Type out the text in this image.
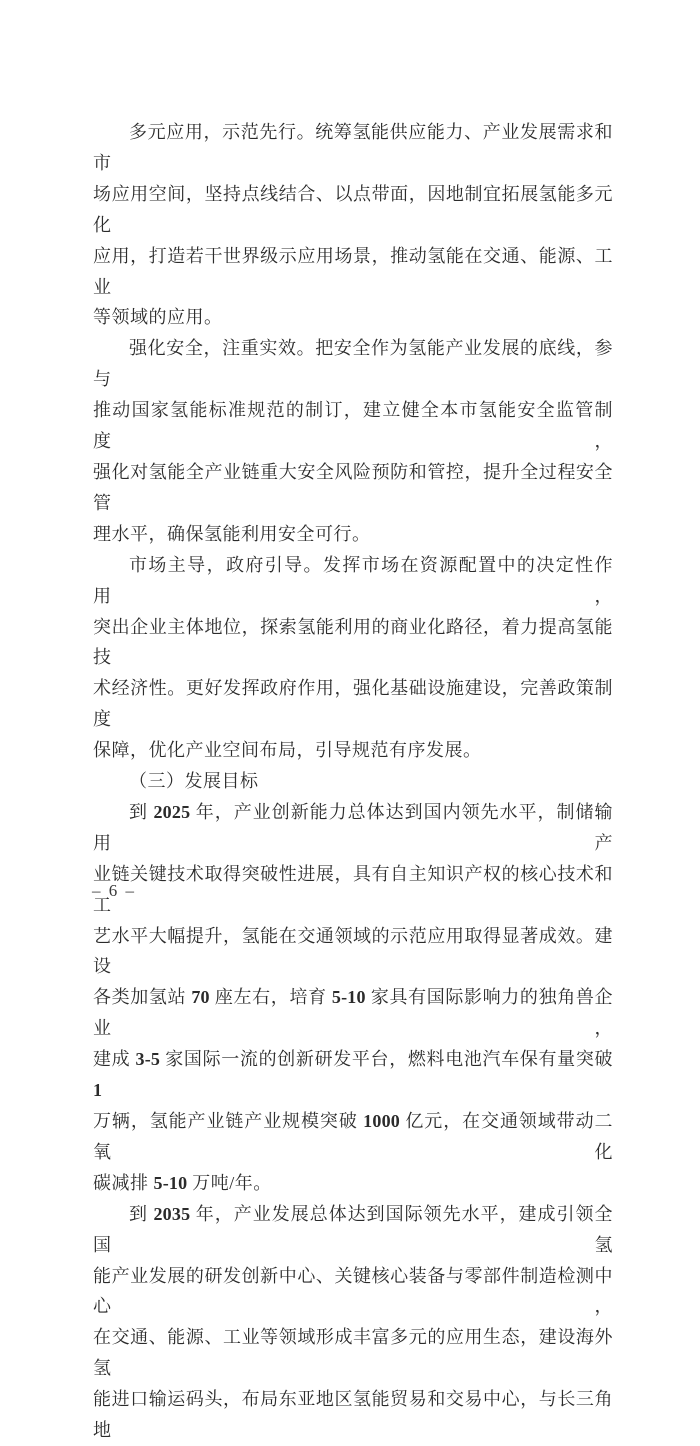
多元应用，示范先行。统筹氢能供应能力、产业发展需求和市
场应用空间，坚持点线结合、以点带面，因地制宜拓展氢能多元化
应用，打造若干世界级示应用场景，推动氢能在交通、能源、工业
等领域的应用。
强化安全，注重实效。把安全作为氢能产业发展的底线，参与
推动国家氢能标准规范的制订，建立健全本市氢能安全监管制度，
强化对氢能全产业链重大安全风险预防和管控，提升全过程安全管
理水平，确保氢能利用安全可行。
市场主导，政府引导。发挥市场在资源配置中的决定性作用，
突出企业主体地位，探索氢能利用的商业化路径，着力提高氢能技
术经济性。更好发挥政府作用，强化基础设施建设，完善政策制度
保障，优化产业空间布局，引导规范有序发展。
（三）发展目标
到 2025 年，产业创新能力总体达到国内领先水平，制储输用产
业链关键技术取得突破性进展，具有自主知识产权的核心技术和工
艺水平大幅提升，氢能在交通领域的示范应用取得显著成效。建设
各类加氢站 70 座左右，培育 5-10 家具有国际影响力的独角兽企业，
建成 3-5 家国际一流的创新研发平台，燃料电池汽车保有量突破 1
万辆，氢能产业链产业规模突破 1000 亿元，在交通领域带动二氧化
碳减排 5-10 万吨/年。
到 2035 年，产业发展总体达到国际领先水平，建成引领全国氢
能产业发展的研发创新中心、关键核心装备与零部件制造检测中心，
在交通、能源、工业等领域形成丰富多元的应用生态，建设海外氢
能进口输运码头，布局东亚地区氢能贸易和交易中心，与长三角地
– 6 –
